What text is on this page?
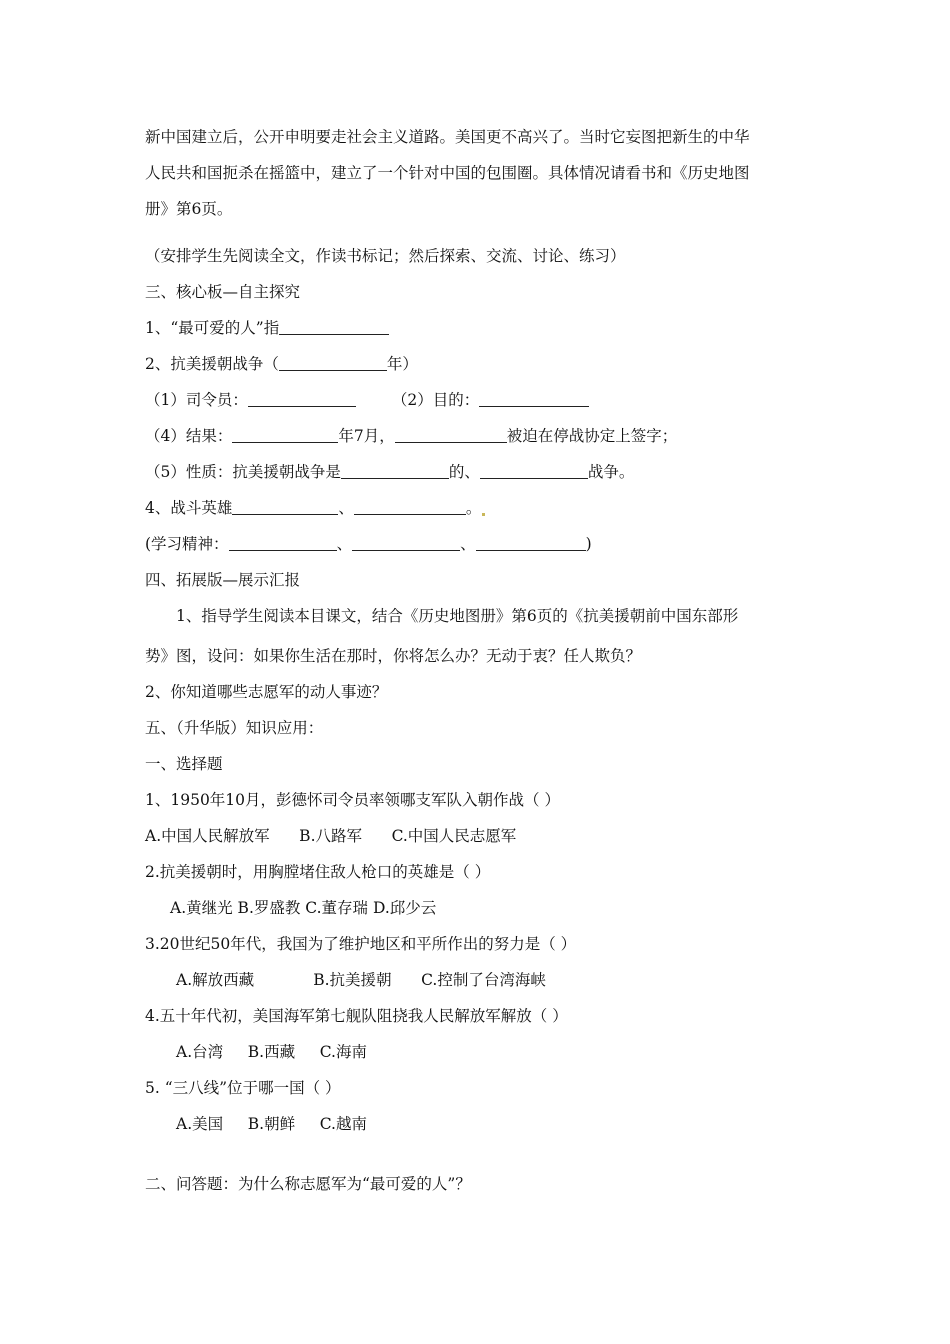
新中国建立后，公开申明要走社会主义道路。美国更不高兴了。当时它妄图把新生的中华
人民共和国扼杀在摇篮中，建立了一个针对中国的包围圈。具体情况请看书和《历史地图
册》第6页。
（安排学生先阅读全文，作读书标记；然后探索、交流、讨论、练习）
三、核心板—自主探究
1、“最可爱的人”指
2、抗美援朝战争（	年）
（1）司令员：	（2）目的：
（4）结果：	年7月，	被迫在停战协定上签字；
（5）性质：抗美援朝战争是	的、	战争。
4、战斗英雄	、	。
(学习精神：	、	、	)
四、拓展版—展示汇报
1、指导学生阅读本目课文，结合《历史地图册》第6页的《抗美援朝前中国东部形
势》图，设问：如果你生活在那时，你将怎么办？无动于衷？任人欺负？
2、你知道哪些志愿军的动人事迹？
五、（升华版）知识应用：
一、选择题
1、1950年10月，彭德怀司令员率领哪支军队入朝作战（ ）
A.中国人民解放军      B.八路军      C.中国人民志愿军
2.抗美援朝时，用胸膛堵住敌人枪口的英雄是（ ）
A.黄继光 B.罗盛教 C.董存瑞 D.邱少云
3.20世纪50年代，我国为了维护地区和平所作出的努力是（ ）
A.解放西藏            B.抗美援朝      C.控制了台湾海峡
4.五十年代初，美国海军第七舰队阻挠我人民解放军解放（ ）
A.台湾     B.西藏     C.海南
5. “三八线”位于哪一国（ ）
A.美国     B.朝鲜     C.越南
二、问答题：为什么称志愿军为“最可爱的人”？
